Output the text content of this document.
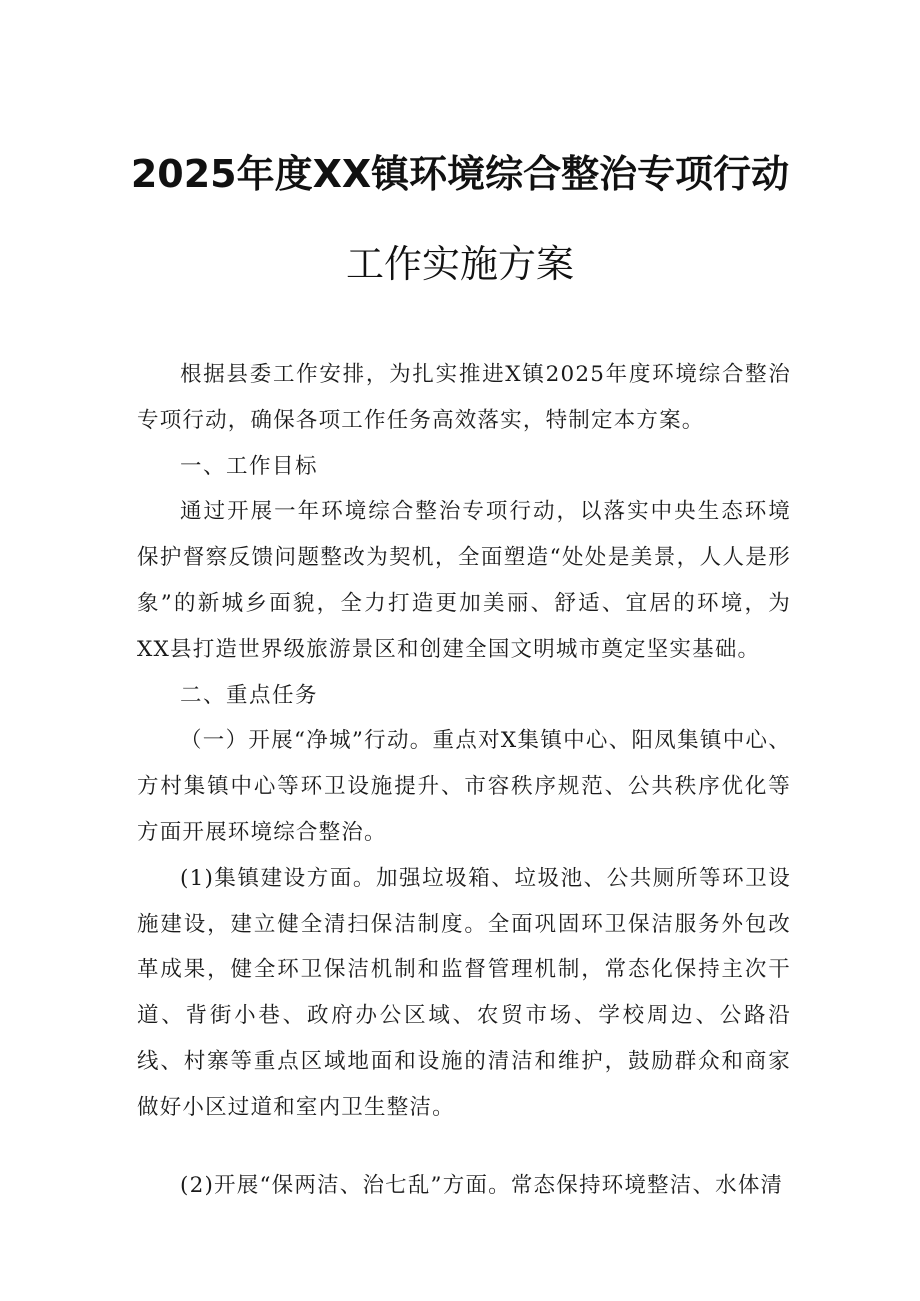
2025年度XX镇环境综合整治专项行动
工作实施方案

根据县委工作安排，为扎实推进X镇2025年度环境综合整治专项行动，确保各项工作任务高效落实，特制定本方案。

一、工作目标

通过开展一年环境综合整治专项行动，以落实中央生态环境保护督察反馈问题整改为契机，全面塑造“处处是美景，人人是形象”的新城乡面貌，全力打造更加美丽、舒适、宜居的环境，为XX县打造世界级旅游景区和创建全国文明城市奠定坚实基础。

二、重点任务

（一）开展“净城”行动。重点对X集镇中心、阳凤集镇中心、方村集镇中心等环卫设施提升、市容秩序规范、公共秩序优化等方面开展环境综合整治。

(1)集镇建设方面。加强垃圾箱、垃圾池、公共厕所等环卫设施建设，建立健全清扫保洁制度。全面巩固环卫保洁服务外包改革成果，健全环卫保洁机制和监督管理机制，常态化保持主次干道、背街小巷、政府办公区域、农贸市场、学校周边、公路沿线、村寨等重点区域地面和设施的清洁和维护，鼓励群众和商家做好小区过道和室内卫生整洁。

(2)开展“保两洁、治七乱”方面。常态保持环境整洁、水体清
